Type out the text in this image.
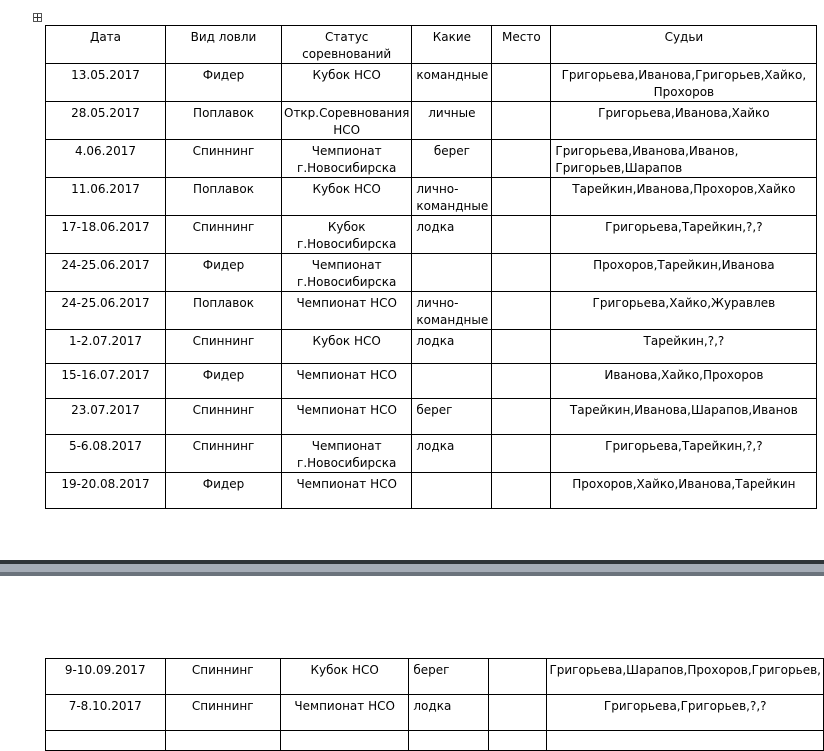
Дата	Вид ловли	Статус соревнований	Какие	Место	Судьи
13.05.2017	Фидер	Кубок НСО	командные		Григорьева,Иванова,Григорьев,Хайко, Прохоров
28.05.2017	Поплавок	Откр.Соревнования НСО	личные		Григорьева,Иванова,Хайко
4.06.2017	Спиннинг	Чемпионат г.Новосибирска	берег		Григорьева,Иванова,Иванов, Григорьев,Шарапов
11.06.2017	Поплавок	Кубок НСО	лично-командные		Тарейкин,Иванова,Прохоров,Хайко
17-18.06.2017	Спиннинг	Кубок г.Новосибирска	лодка		Григорьева,Тарейкин,?,?
24-25.06.2017	Фидер	Чемпионат г.Новосибирска			Прохоров,Тарейкин,Иванова
24-25.06.2017	Поплавок	Чемпионат НСО	лично-командные		Григорьева,Хайко,Журавлев
1-2.07.2017	Спиннинг	Кубок НСО	лодка		Тарейкин,?,?
15-16.07.2017	Фидер	Чемпионат НСО			Иванова,Хайко,Прохоров
23.07.2017	Спиннинг	Чемпионат НСО	берег		Тарейкин,Иванова,Шарапов,Иванов
5-6.08.2017	Спиннинг	Чемпионат г.Новосибирска	лодка		Григорьева,Тарейкин,?,?
19-20.08.2017	Фидер	Чемпионат НСО			Прохоров,Хайко,Иванова,Тарейкин
9-10.09.2017	Спиннинг	Кубок НСО	берег		Григорьева,Шарапов,Прохоров,Григорьев,
7-8.10.2017	Спиннинг	Чемпионат НСО	лодка		Григорьева,Григорьев,?,?
